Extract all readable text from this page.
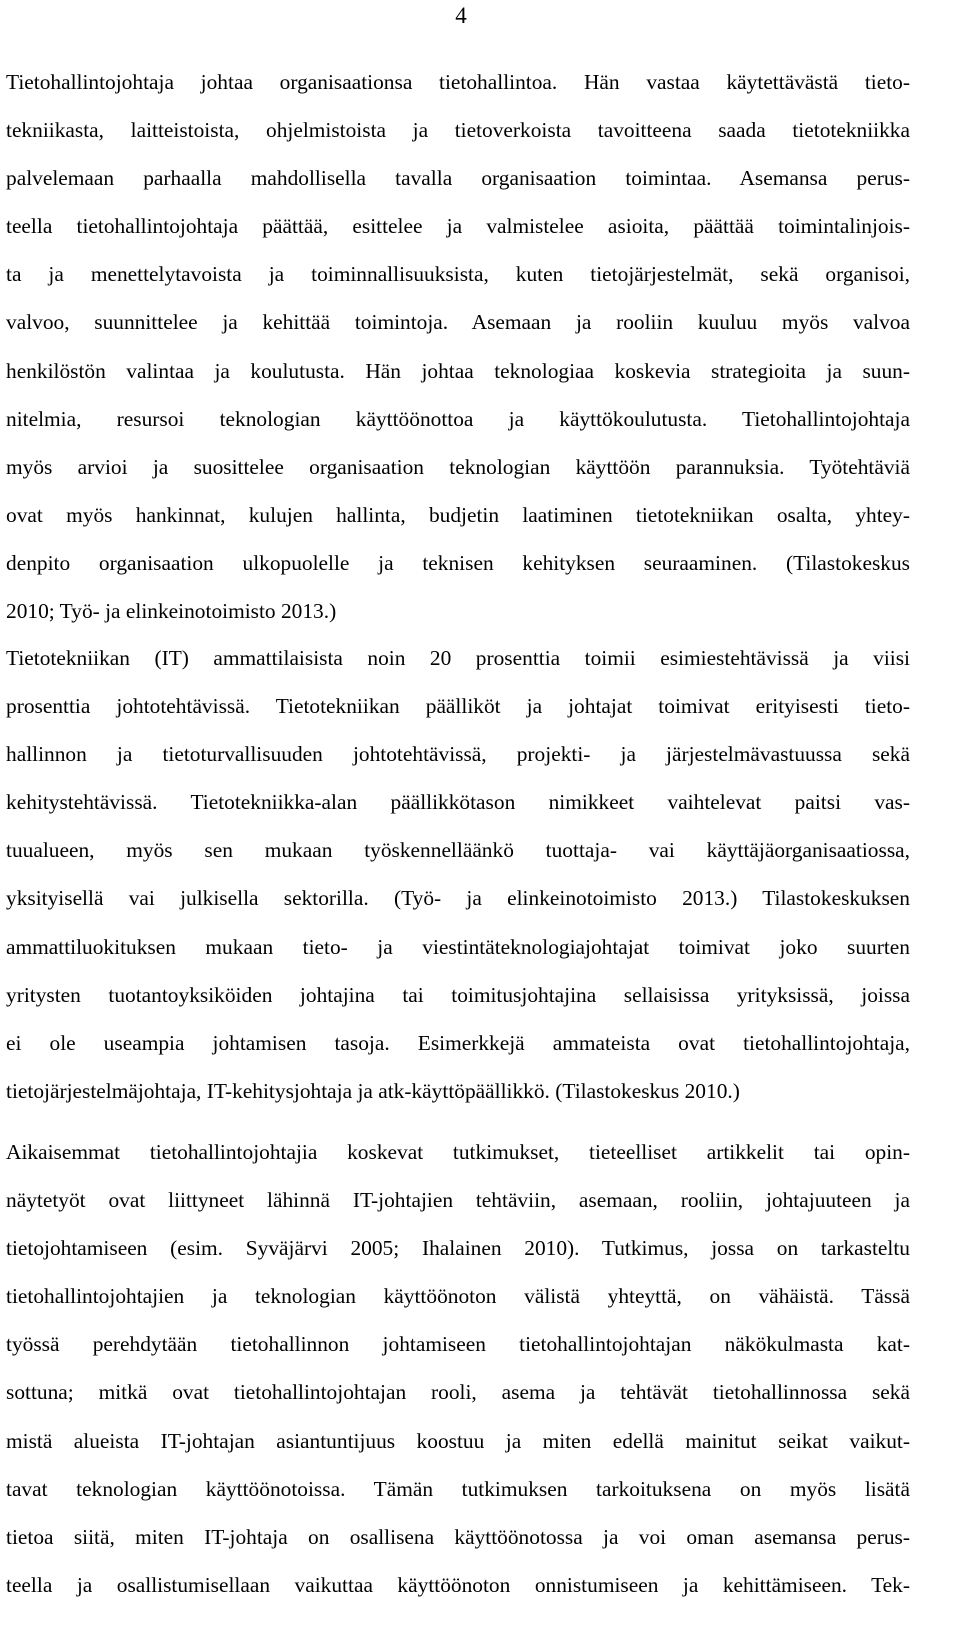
4
Tietohallintojohtaja johtaa organisaationsa tietohallintoa. Hän vastaa käytettävästä tieto-
tekniikasta, laitteistoista, ohjelmistoista ja tietoverkoista tavoitteena saada tietotekniikka
palvelemaan parhaalla mahdollisella tavalla organisaation toimintaa. Asemansa perus-
teella tietohallintojohtaja päättää, esittelee ja valmistelee asioita, päättää toimintalinjois-
ta ja menettelytavoista ja toiminnallisuuksista, kuten tietojärjestelmät, sekä organisoi,
valvoo, suunnittelee ja kehittää toimintoja. Asemaan ja rooliin kuuluu myös valvoa
henkilöstön valintaa ja koulutusta. Hän johtaa teknologiaa koskevia strategioita ja suun-
nitelmia, resursoi teknologian käyttöönottoa ja käyttökoulutusta. Tietohallintojohtaja
myös arvioi ja suosittelee organisaation teknologian käyttöön parannuksia. Työtehtäviä
ovat myös hankinnat, kulujen hallinta, budjetin laatiminen tietotekniikan osalta, yhtey-
denpito organisaation ulkopuolelle ja teknisen kehityksen seuraaminen. (Tilastokeskus
2010; Työ- ja elinkeinotoimisto 2013.)
Tietotekniikan (IT) ammattilaisista noin 20 prosenttia toimii esimiestehtävissä ja viisi
prosenttia johtotehtävissä. Tietotekniikan päälliköt ja johtajat toimivat erityisesti tieto-
hallinnon ja tietoturvallisuuden johtotehtävissä, projekti- ja järjestelmävastuussa sekä
kehitystehtävissä. Tietotekniikka-alan päällikkötason nimikkeet vaihtelevat paitsi vas-
tuualueen, myös sen mukaan työskennelläänkö tuottaja- vai käyttäjäorganisaatiossa,
yksityisellä vai julkisella sektorilla. (Työ- ja elinkeinotoimisto 2013.) Tilastokeskuksen
ammattiluokituksen mukaan tieto- ja viestintäteknologiajohtajat toimivat joko suurten
yritysten tuotantoyksiköiden johtajina tai toimitusjohtajina sellaisissa yrityksissä, joissa
ei ole useampia johtamisen tasoja. Esimerkkejä ammateista ovat tietohallintojohtaja,
tietojärjestelmäjohtaja, IT-kehitysjohtaja ja atk-käyttöpäällikkö. (Tilastokeskus 2010.)
Aikaisemmat tietohallintojohtajia koskevat tutkimukset, tieteelliset artikkelit tai opin-
näytetyöt ovat liittyneet lähinnä IT-johtajien tehtäviin, asemaan, rooliin, johtajuuteen ja
tietojohtamiseen (esim. Syväjärvi 2005; Ihalainen 2010). Tutkimus, jossa on tarkasteltu
tietohallintojohtajien ja teknologian käyttöönoton välistä yhteyttä, on vähäistä. Tässä
työssä perehdytään tietohallinnon johtamiseen tietohallintojohtajan näkökulmasta kat-
sottuna; mitkä ovat tietohallintojohtajan rooli, asema ja tehtävät tietohallinnossa sekä
mistä alueista IT-johtajan asiantuntijuus koostuu ja miten edellä mainitut seikat vaikut-
tavat teknologian käyttöönotoissa. Tämän tutkimuksen tarkoituksena on myös lisätä
tietoa siitä, miten IT-johtaja on osallisena käyttöönotossa ja voi oman asemansa perus-
teella ja osallistumisellaan vaikuttaa käyttöönoton onnistumiseen ja kehittämiseen. Tek-
